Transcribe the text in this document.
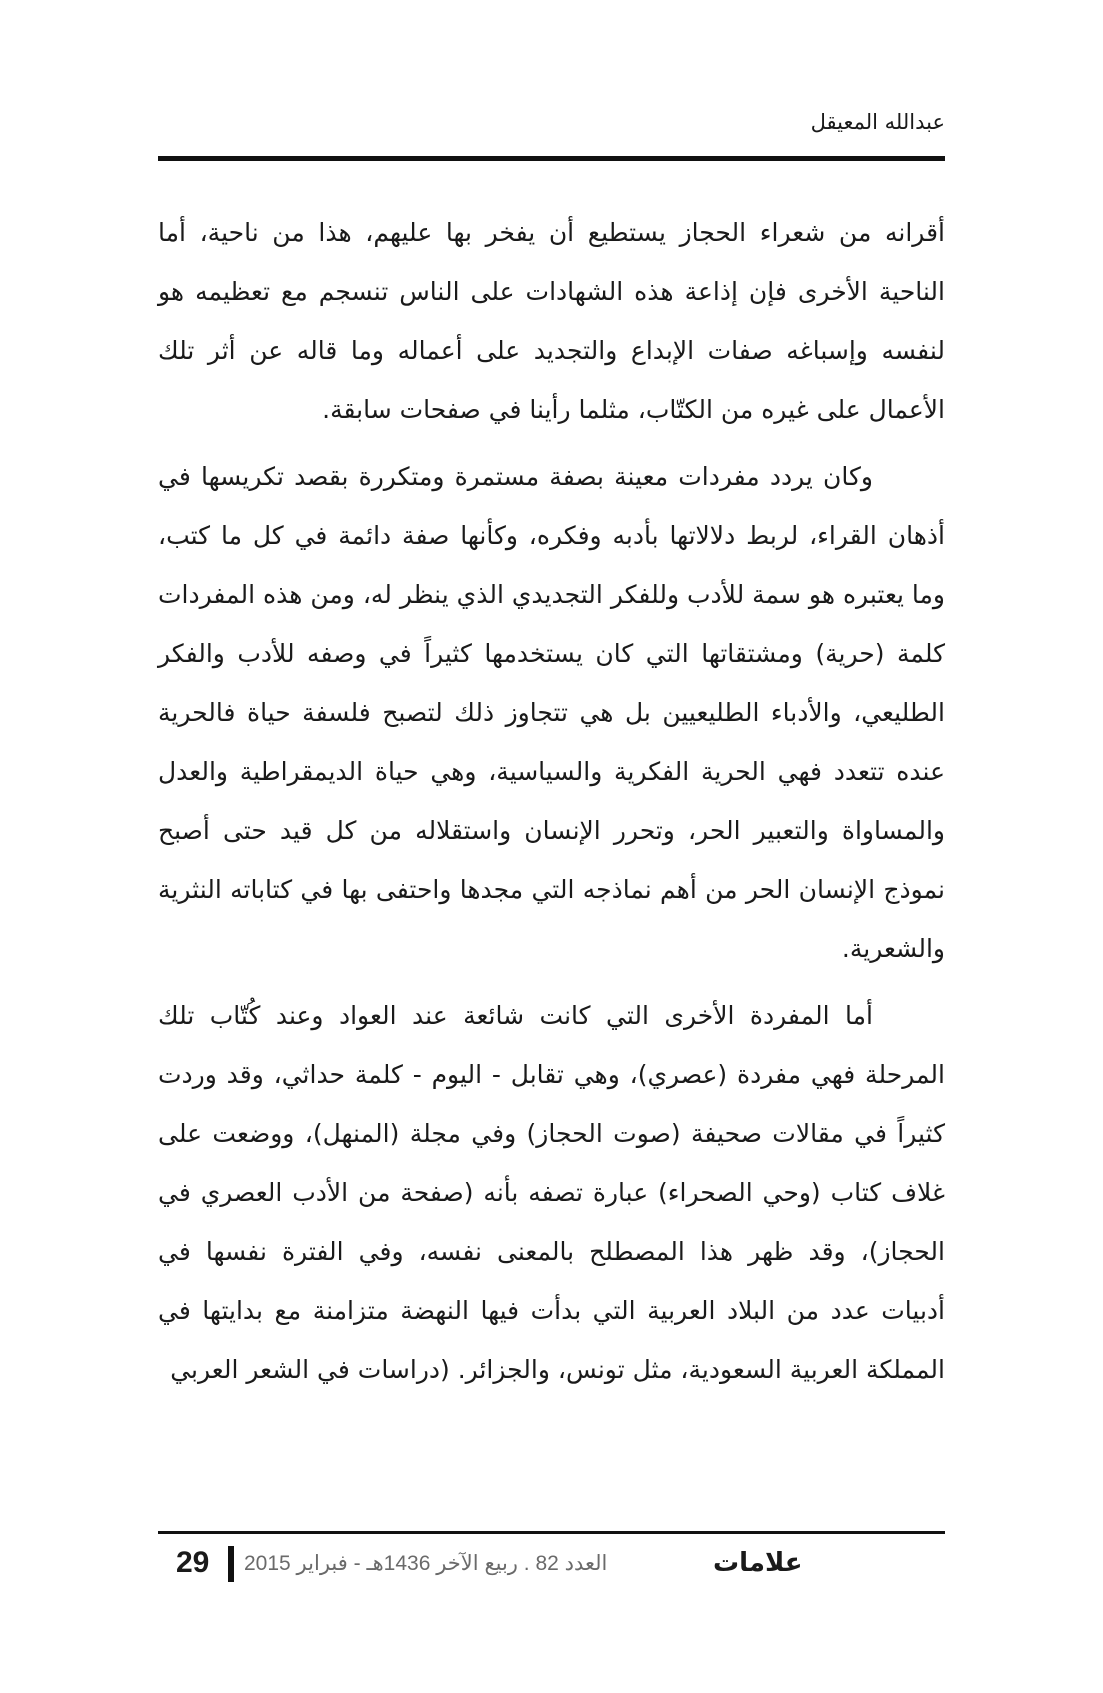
عبدالله المعيقل

أقرانه من شعراء الحجاز يستطيع أن يفخر بها عليهم، هذا من ناحية، أما الناحية الأخرى فإن إذاعة هذه الشهادات على الناس تنسجم مع تعظيمه هو لنفسه وإسباغه صفات الإبداع والتجديد على أعماله وما قاله عن أثر تلك الأعمال على غيره من الكتّاب، مثلما رأينا في صفحات سابقة.

وكان يردد مفردات معينة بصفة مستمرة ومتكررة بقصد تكريسها في أذهان القراء، لربط دلالاتها بأدبه وفكره، وكأنها صفة دائمة في كل ما كتب، وما يعتبره هو سمة للأدب وللفكر التجديدي الذي ينظر له، ومن هذه المفردات كلمة (حرية) ومشتقاتها التي كان يستخدمها كثيراً في وصفه للأدب والفكر الطليعي، والأدباء الطليعيين بل هي تتجاوز ذلك لتصبح فلسفة حياة فالحرية عنده تتعدد فهي الحرية الفكرية والسياسية، وهي حياة الديمقراطية والعدل والمساواة والتعبير الحر، وتحرر الإنسان واستقلاله من كل قيد حتى أصبح نموذج الإنسان الحر من أهم نماذجه التي مجدها واحتفى بها في كتاباته النثرية والشعرية.

أما المفردة الأخرى التي كانت شائعة عند العواد وعند كُتّاب تلك المرحلة فهي مفردة (عصري)، وهي تقابل - اليوم - كلمة حداثي، وقد وردت كثيراً في مقالات صحيفة (صوت الحجاز) وفي مجلة (المنهل)، ووضعت على غلاف كتاب (وحي الصحراء) عبارة تصفه بأنه (صفحة من الأدب العصري في الحجاز)، وقد ظهر هذا المصطلح بالمعنى نفسه، وفي الفترة نفسها في أدبيات عدد من البلاد العربية التي بدأت فيها النهضة متزامنة مع بدايتها في المملكة العربية السعودية، مثل تونس، والجزائر. (دراسات في الشعر العربي

29 العدد 82 . ربيع الآخر 1436هـ - فبراير 2015	علامات
